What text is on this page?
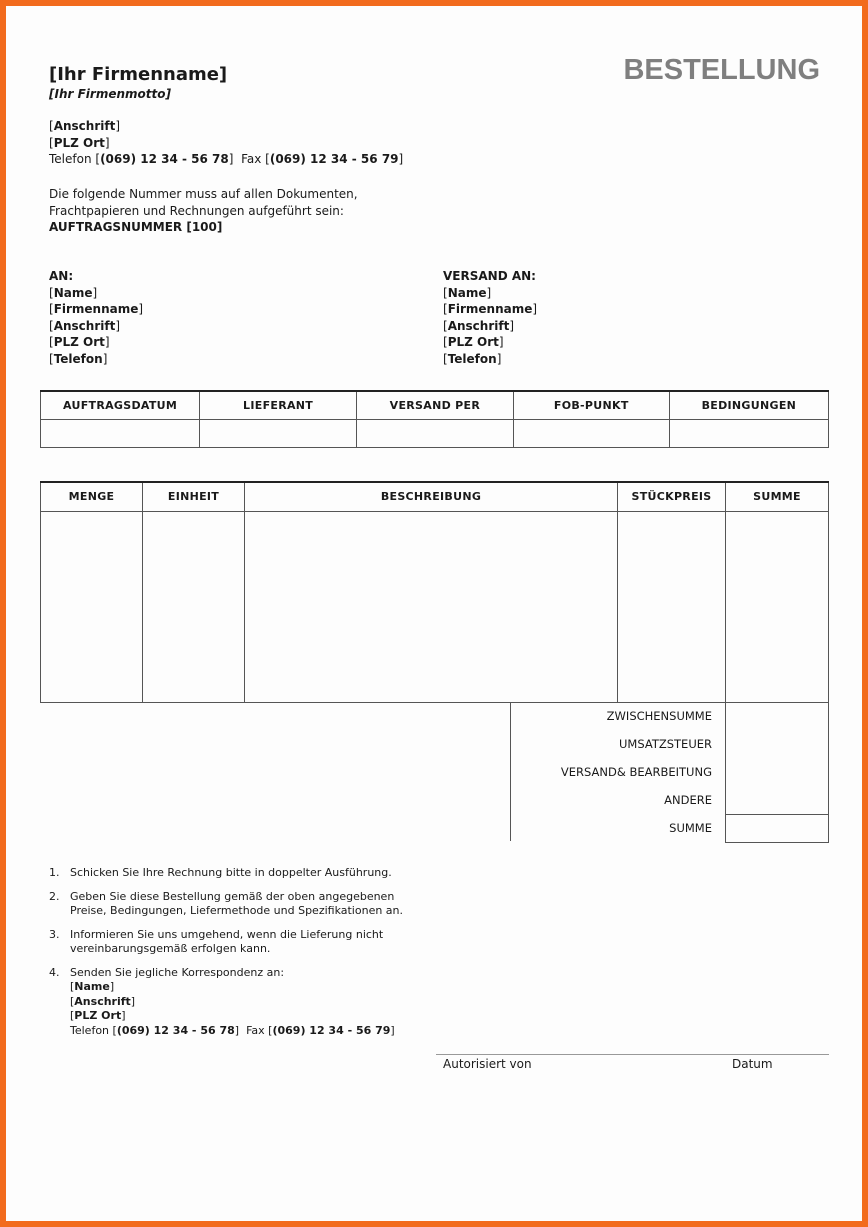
[Ihr Firmenname]
[Ihr Firmenmotto]
BESTELLUNG
[Anschrift]
[PLZ Ort]
Telefon [(069) 12 34 - 56 78]  Fax [(069) 12 34 - 56 79]
Die folgende Nummer muss auf allen Dokumenten,
Frachtpapieren und Rechnungen aufgeführt sein:
AUFTRAGSNUMMER [100]
AN:
[Name]
[Firmenname]
[Anschrift]
[PLZ Ort]
[Telefon]
VERSAND AN:
[Name]
[Firmenname]
[Anschrift]
[PLZ Ort]
[Telefon]
AUFTRAGSDATUM	LIEFERANT	VERSAND PER	FOB-PUNKT	BEDINGUNGEN

MENGE	EINHEIT	BESCHREIBUNG	STÜCKPREIS	SUMME

ZWISCHENSUMME
UMSATZSTEUER
VERSAND& BEARBEITUNG
ANDERE
SUMME
1. Schicken Sie Ihre Rechnung bitte in doppelter Ausführung.
2. Geben Sie diese Bestellung gemäß der oben angegebenen
Preise, Bedingungen, Liefermethode und Spezifikationen an.
3. Informieren Sie uns umgehend, wenn die Lieferung nicht
vereinbarungsgemäß erfolgen kann.
4. Senden Sie jegliche Korrespondenz an:
[Name]
[Anschrift]
[PLZ Ort]
Telefon [(069) 12 34 - 56 78]  Fax [(069) 12 34 - 56 79]
Autorisiert von	Datum
